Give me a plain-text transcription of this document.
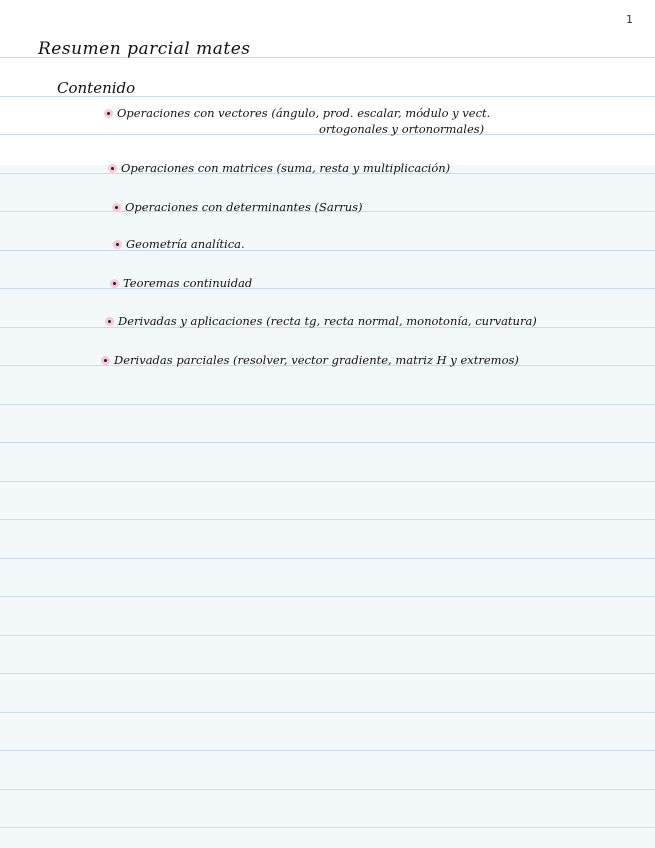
1
Resumen parcial mates
Contenido
Operaciones con vectores (ángulo, prod. escalar, módulo y vect.
ortogonales y ortonormales)
Operaciones con matrices (suma, resta y multiplicación)
Operaciones con determinantes (Sarrus)
Geometría analítica.
Teoremas continuidad
Derivadas y aplicaciones (recta tg, recta normal, monotonía, curvatura)
Derivadas parciales (resolver, vector gradiente, matriz H y extremos)
